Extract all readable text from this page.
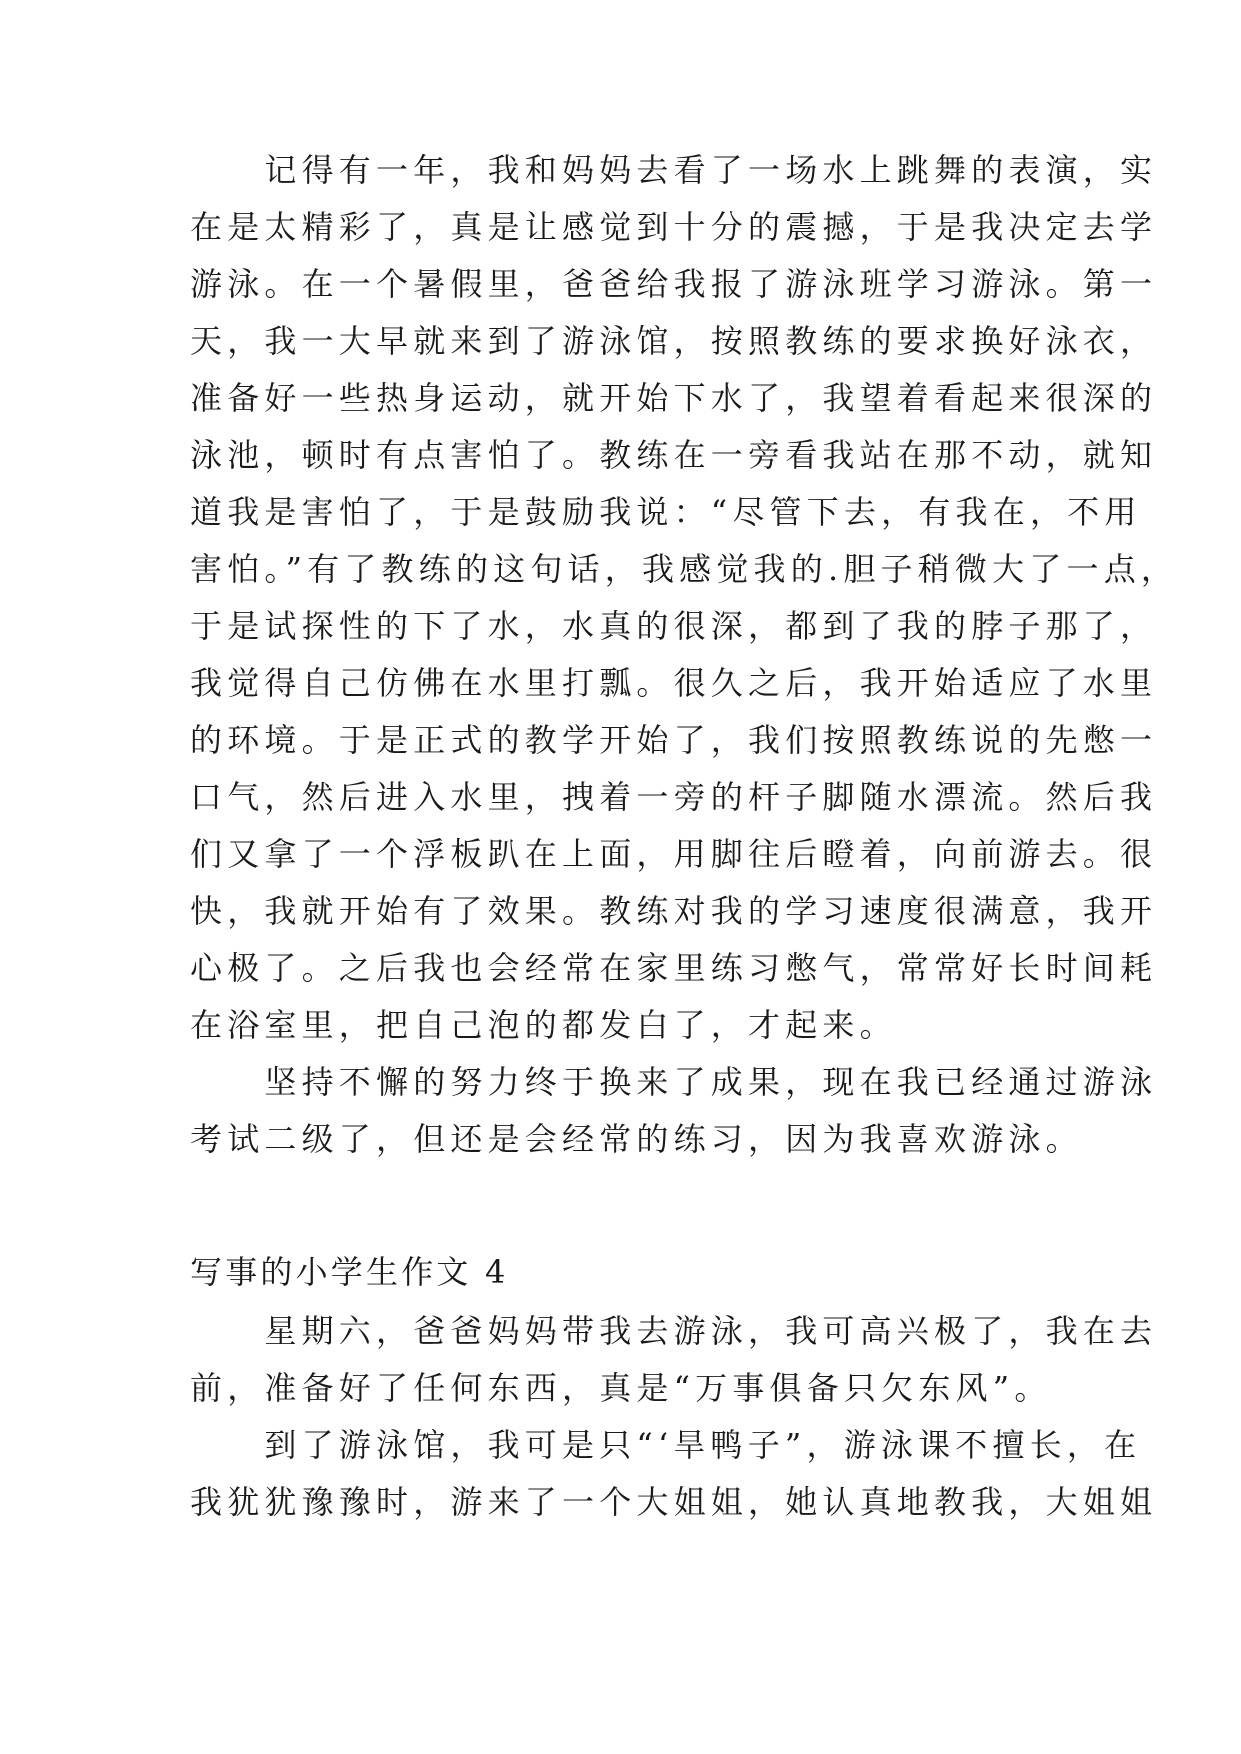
　　记得有一年，我和妈妈去看了一场水上跳舞的表演，实
在是太精彩了，真是让感觉到十分的震撼，于是我决定去学
游泳。在一个暑假里，爸爸给我报了游泳班学习游泳。第一
天，我一大早就来到了游泳馆，按照教练的要求换好泳衣，
准备好一些热身运动，就开始下水了，我望着看起来很深的
泳池，顿时有点害怕了。教练在一旁看我站在那不动，就知
道我是害怕了，于是鼓励我说：“尽管下去，有我在，不用
害怕。”有了教练的这句话，我感觉我的.胆子稍微大了一点，
于是试探性的下了水，水真的很深，都到了我的脖子那了，
我觉得自己仿佛在水里打瓢。很久之后，我开始适应了水里
的环境。于是正式的教学开始了，我们按照教练说的先憋一
口气，然后进入水里，拽着一旁的杆子脚随水漂流。然后我
们又拿了一个浮板趴在上面，用脚往后瞪着，向前游去。很
快，我就开始有了效果。教练对我的学习速度很满意，我开
心极了。之后我也会经常在家里练习憋气，常常好长时间耗
在浴室里，把自己泡的都发白了，才起来。
　　坚持不懈的努力终于换来了成果，现在我已经通过游泳
考试二级了，但还是会经常的练习，因为我喜欢游泳。
写事的小学生作文 4
　　星期六，爸爸妈妈带我去游泳，我可高兴极了，我在去
前，准备好了任何东西，真是“万事俱备只欠东风”。
　　到了游泳馆，我可是只“‘旱鸭子”，游泳课不擅长，在
我犹犹豫豫时，游来了一个大姐姐，她认真地教我，大姐姐
